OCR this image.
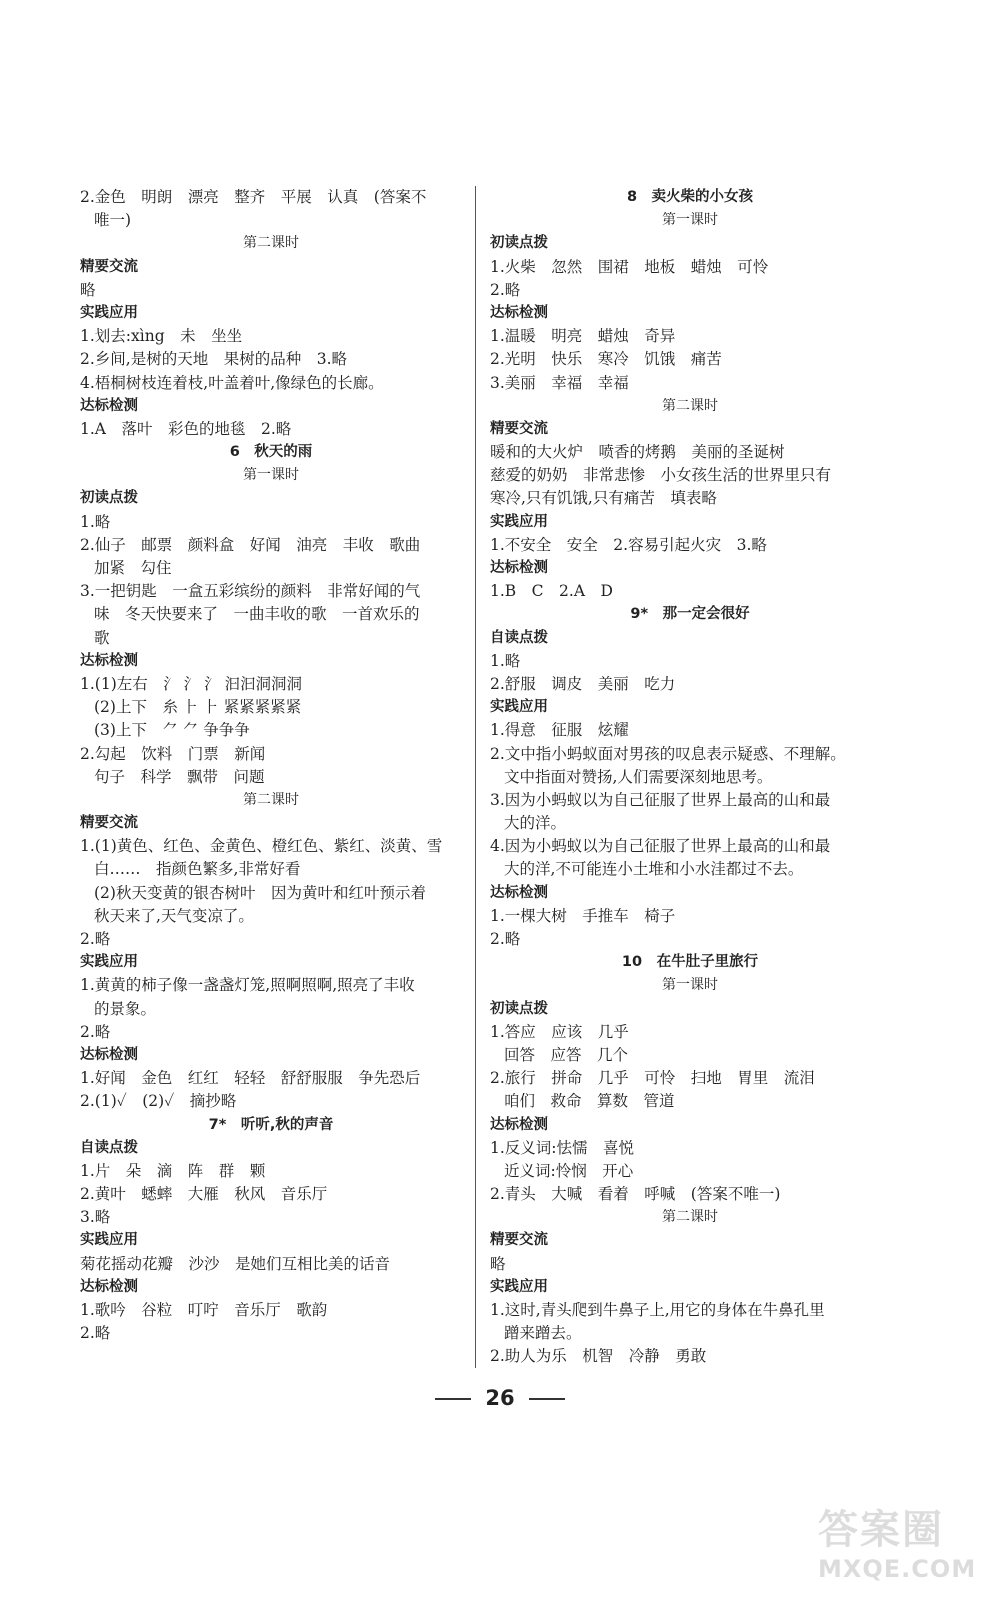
2.金色　明朗　漂亮　整齐　平展　认真　(答案不
唯一)
第二课时
精要交流
略
实践应用
1.划去:xìng　未　坐坐
2.乡间,是树的天地　果树的品种　3.略
4.梧桐树枝连着枝,叶盖着叶,像绿色的长廊。
达标检测
1.A　落叶　彩色的地毯　2.略
6　秋天的雨
第一课时
初读点拨
1.略
2.仙子　邮票　颜料盒　好闻　油亮　丰收　歌曲
加紧　勾住
3.一把钥匙　一盒五彩缤纷的颜料　非常好闻的气
味　冬天快要来了　一曲丰收的歌　一首欢乐的
歌
达标检测
1.(1)左右　氵 氵 氵 汩汩洞洞洞
(2)上下　糸 ⺊ ⺊ 紧紧紧紧紧
(3)上下　⺈ ⺈ 争争争
2.勾起　饮料　门票　新闻
句子　科学　飘带　问题
第二课时
精要交流
1.(1)黄色、红色、金黄色、橙红色、紫红、淡黄、雪
白……　指颜色繁多,非常好看
(2)秋天变黄的银杏树叶　因为黄叶和红叶预示着
秋天来了,天气变凉了。
2.略
实践应用
1.黄黄的柿子像一盏盏灯笼,照啊照啊,照亮了丰收
的景象。
2.略
达标检测
1.好闻　金色　红红　轻轻　舒舒服服　争先恐后
2.(1)✓　(2)✓　摘抄略
7*　听听,秋的声音
自读点拨
1.片　朵　滴　阵　群　颗
2.黄叶　蟋蟀　大雁　秋风　音乐厅
3.略
实践应用
菊花摇动花瓣　沙沙　是她们互相比美的话音
达标检测
1.歌吟　谷粒　叮咛　音乐厅　歌韵
2.略
8　卖火柴的小女孩
第一课时
初读点拨
1.火柴　忽然　围裙　地板　蜡烛　可怜
2.略
达标检测
1.温暖　明亮　蜡烛　奇异
2.光明　快乐　寒冷　饥饿　痛苦
3.美丽　幸福　幸福
第二课时
精要交流
暖和的大火炉　喷香的烤鹅　美丽的圣诞树
慈爱的奶奶　非常悲惨　小女孩生活的世界里只有
寒冷,只有饥饿,只有痛苦　填表略
实践应用
1.不安全　安全　2.容易引起火灾　3.略
达标检测
1.B　C　2.A　D
9*　那一定会很好
自读点拨
1.略
2.舒服　调皮　美丽　吃力
实践应用
1.得意　征服　炫耀
2.文中指小蚂蚁面对男孩的叹息表示疑惑、不理解。
文中指面对赞扬,人们需要深刻地思考。
3.因为小蚂蚁以为自己征服了世界上最高的山和最
大的洋。
4.因为小蚂蚁以为自己征服了世界上最高的山和最
大的洋,不可能连小土堆和小水洼都过不去。
达标检测
1.一棵大树　手推车　椅子
2.略
10　在牛肚子里旅行
第一课时
初读点拨
1.答应　应该　几乎
回答　应答　几个
2.旅行　拼命　几乎　可怜　扫地　胃里　流泪
咱们　救命　算数　管道
达标检测
1.反义词:怯懦　喜悦
近义词:怜悯　开心
2.青头　大喊　看着　呼喊　(答案不唯一)
第二课时
精要交流
略
实践应用
1.这时,青头爬到牛鼻子上,用它的身体在牛鼻孔里
蹭来蹭去。
2.助人为乐　机智　冷静　勇敢
26
答案圈
MXQE.COM
